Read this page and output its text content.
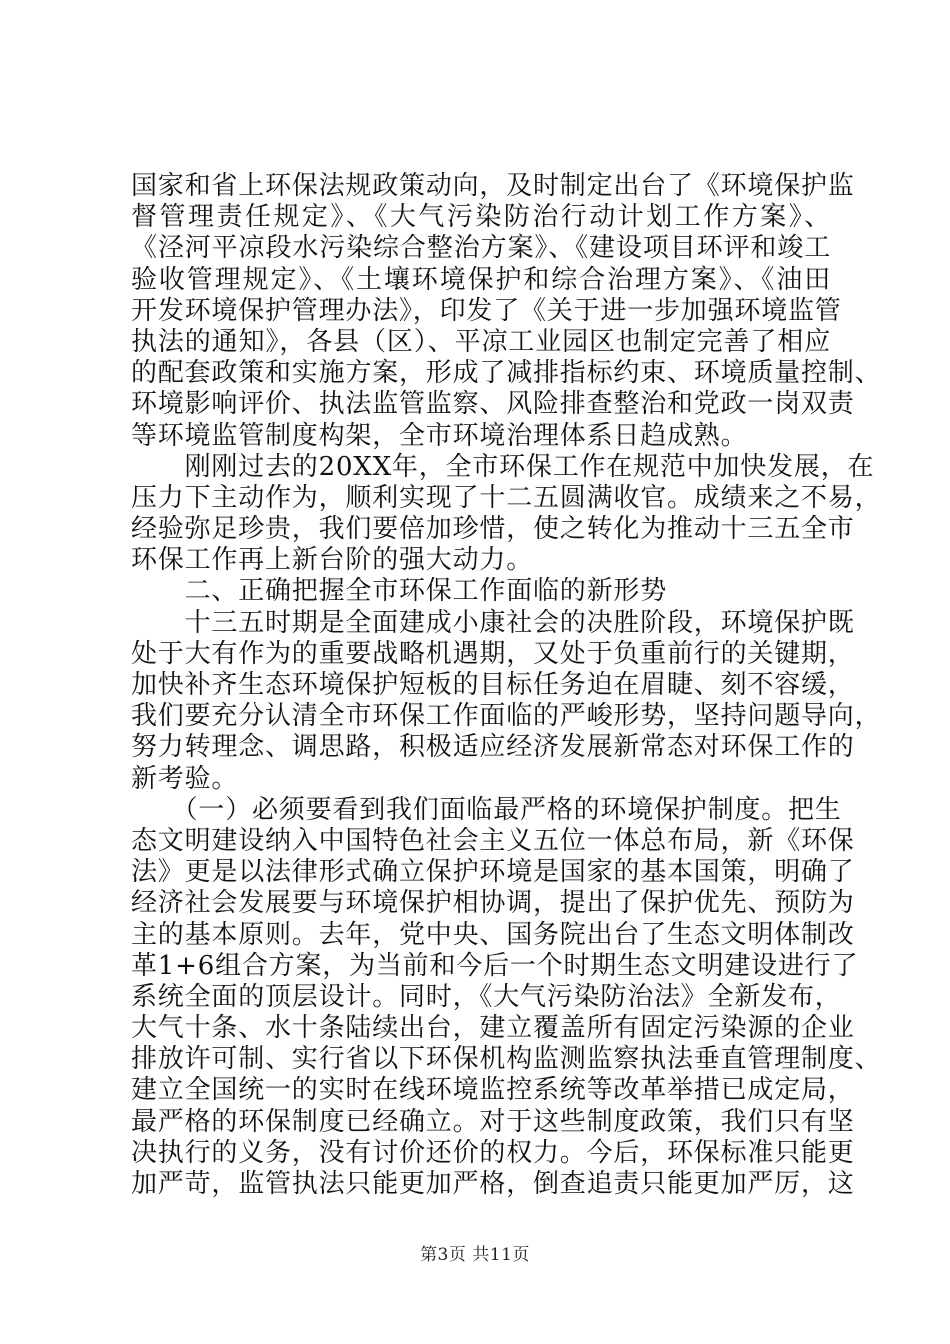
国家和省上环保法规政策动向，及时制定出台了《环境保护监
督管理责任规定》、《大气污染防治行动计划工作方案》、
《泾河平凉段水污染综合整治方案》、《建设项目环评和竣工
验收管理规定》、《土壤环境保护和综合治理方案》、《油田
开发环境保护管理办法》，印发了《关于进一步加强环境监管
执法的通知》，各县（区）、平凉工业园区也制定完善了相应
的配套政策和实施方案，形成了减排指标约束、环境质量控制、
环境影响评价、执法监管监察、风险排查整治和党政一岗双责
等环境监管制度构架，全市环境治理体系日趋成熟。
　　刚刚过去的20XX年，全市环保工作在规范中加快发展，在
压力下主动作为，顺利实现了十二五圆满收官。成绩来之不易，
经验弥足珍贵，我们要倍加珍惜，使之转化为推动十三五全市
环保工作再上新台阶的强大动力。
　　二、正确把握全市环保工作面临的新形势
　　十三五时期是全面建成小康社会的决胜阶段，环境保护既
处于大有作为的重要战略机遇期，又处于负重前行的关键期，
加快补齐生态环境保护短板的目标任务迫在眉睫、刻不容缓，
我们要充分认清全市环保工作面临的严峻形势，坚持问题导向，
努力转理念、调思路，积极适应经济发展新常态对环保工作的
新考验。
　　（一）必须要看到我们面临最严格的环境保护制度。把生
态文明建设纳入中国特色社会主义五位一体总布局，新《环保
法》更是以法律形式确立保护环境是国家的基本国策，明确了
经济社会发展要与环境保护相协调，提出了保护优先、预防为
主的基本原则。去年，党中央、国务院出台了生态文明体制改
革1+6组合方案，为当前和今后一个时期生态文明建设进行了
系统全面的顶层设计。同时，《大气污染防治法》全新发布，
大气十条、水十条陆续出台，建立覆盖所有固定污染源的企业
排放许可制、实行省以下环保机构监测监察执法垂直管理制度、
建立全国统一的实时在线环境监控系统等改革举措已成定局，
最严格的环保制度已经确立。对于这些制度政策，我们只有坚
决执行的义务，没有讨价还价的权力。今后，环保标准只能更
加严苛，监管执法只能更加严格，倒查追责只能更加严厉，这
第3页 共11页
